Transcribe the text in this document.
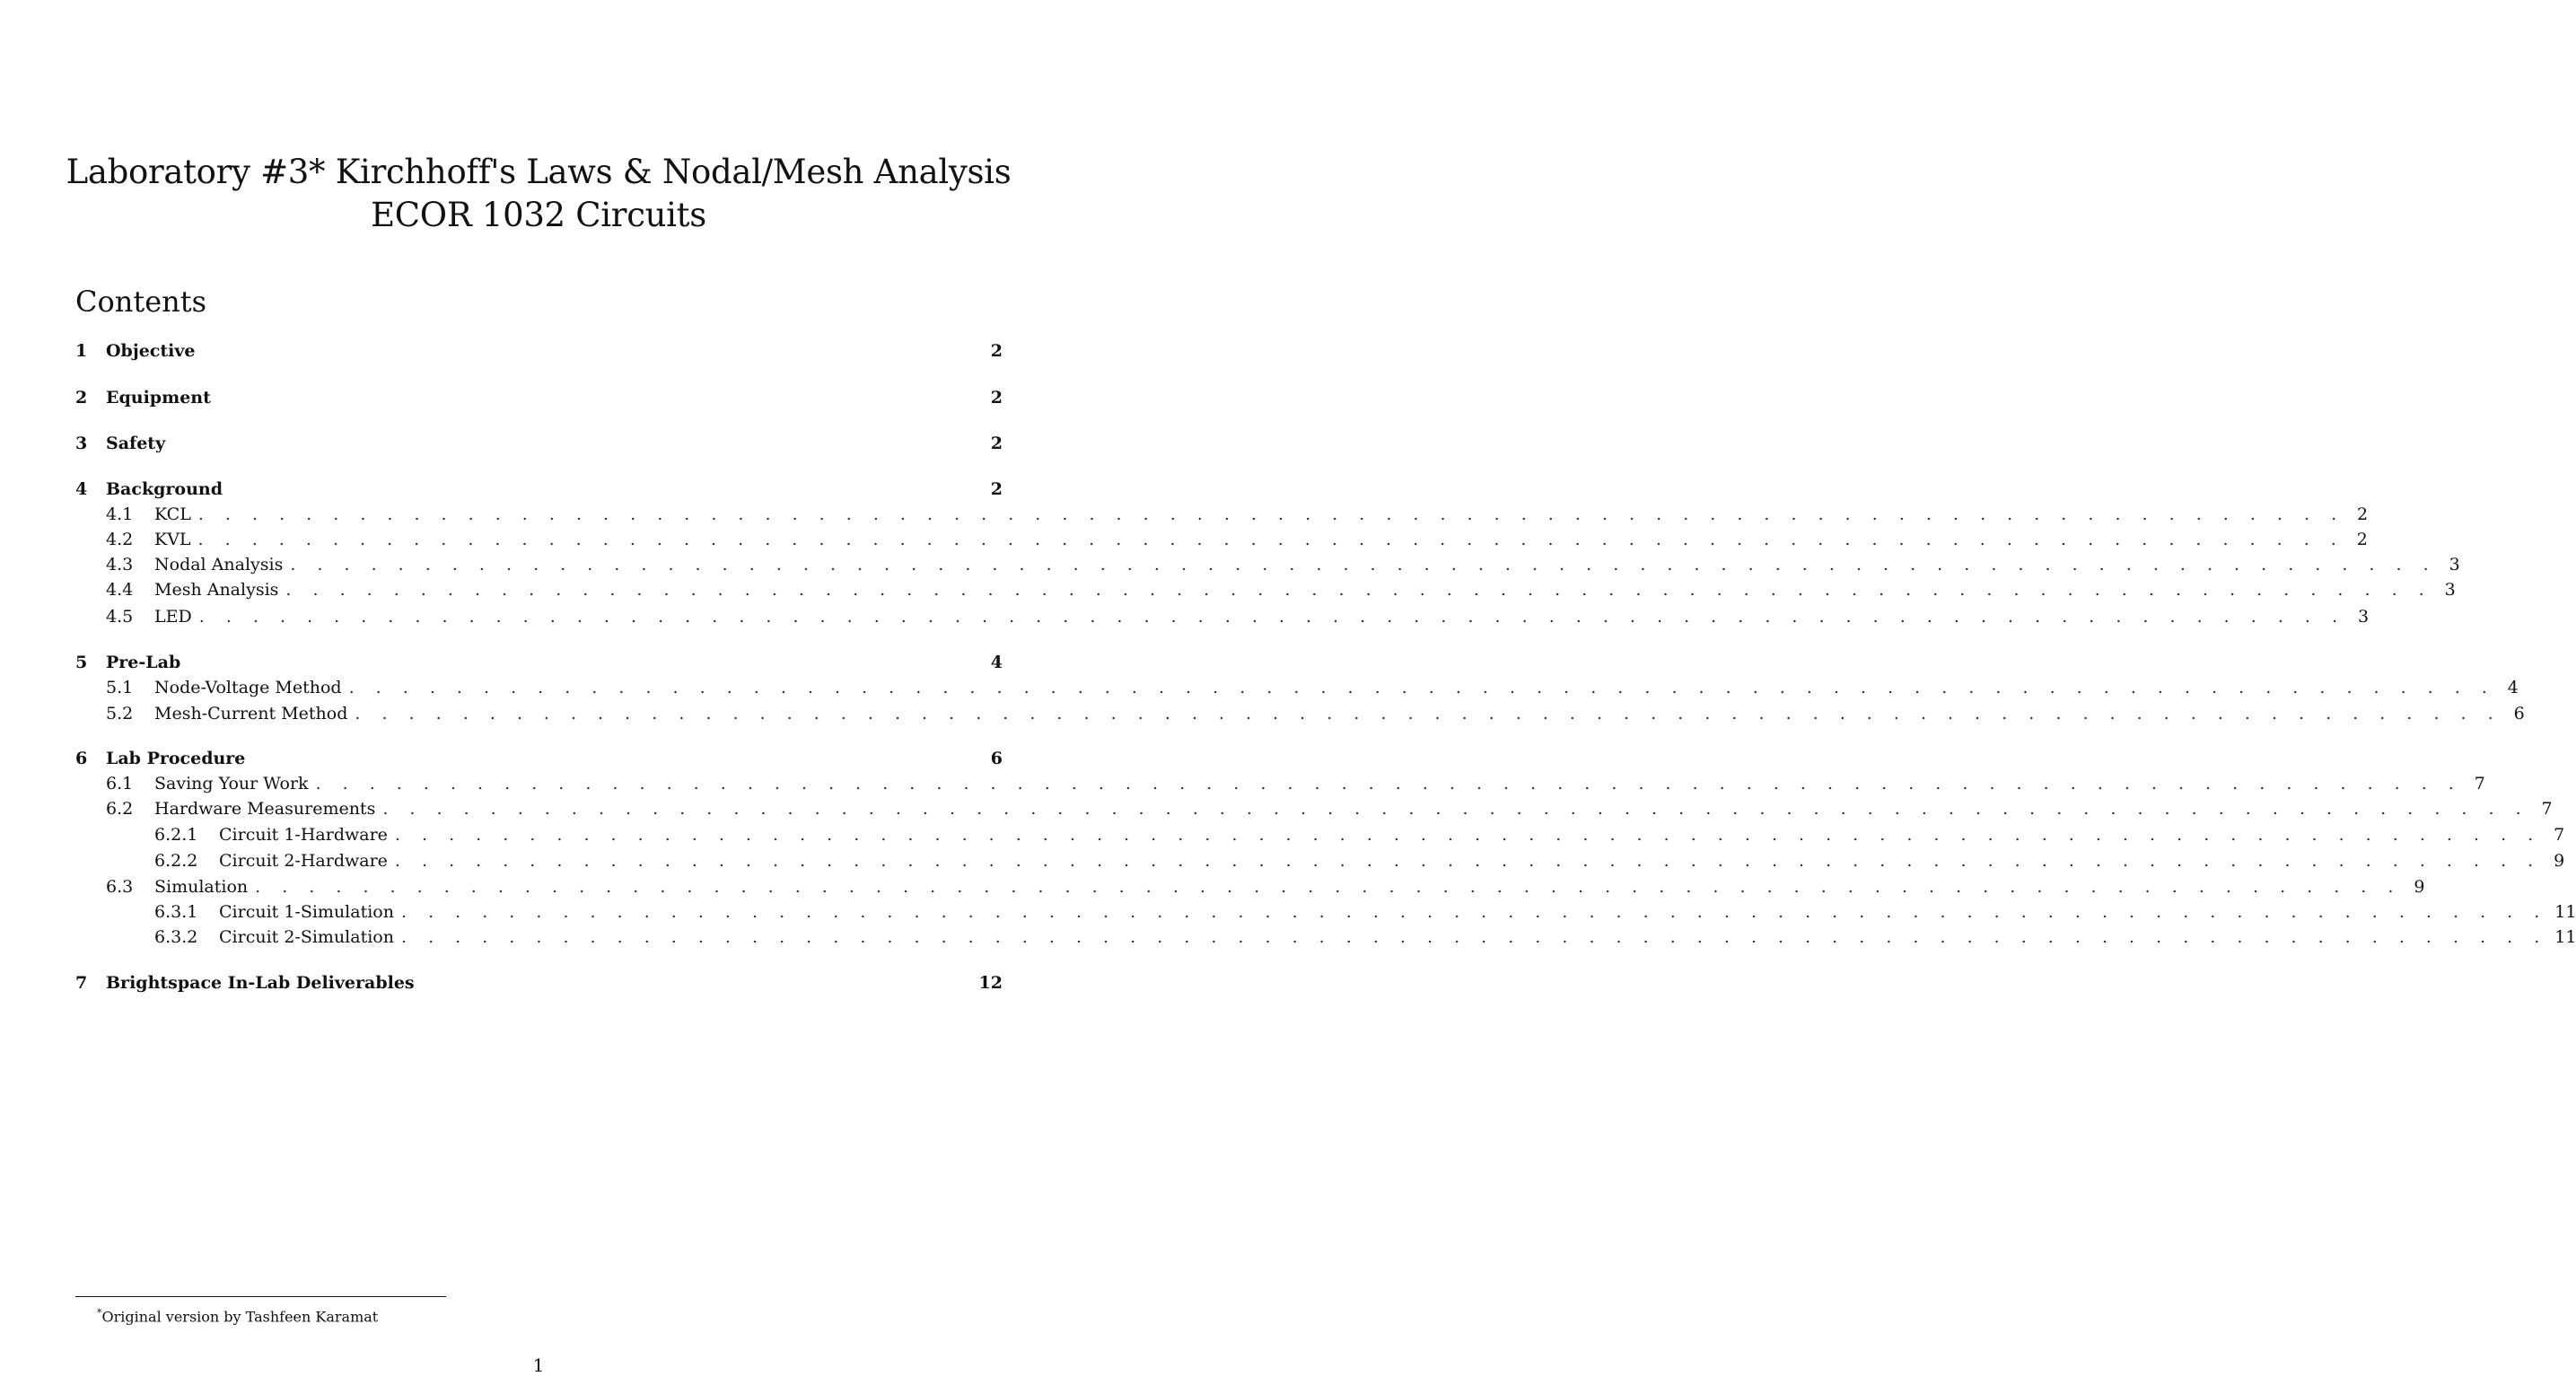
Laboratory #3* Kirchhoff's Laws & Nodal/Mesh Analysis
ECOR 1032 Circuits
Contents
1	Objective	2
2	Equipment	2
3	Safety	2
4	Background	2
4.1	KCL . . . . . . . . . . . . . . . . . . . . . . . . . . . . . . . . . . . . . . . . . . . . . . . . . . . . . . . . . . . . . . . . . . . . . . . . . . . . . . . . 2
4.2	KVL . . . . . . . . . . . . . . . . . . . . . . . . . . . . . . . . . . . . . . . . . . . . . . . . . . . . . . . . . . . . . . . . . . . . . . . . . . . . . . . . 2
4.3	Nodal Analysis . . . . . . . . . . . . . . . . . . . . . . . . . . . . . . . . . . . . . . . . . . . . . . . . . . . . . . . . . . . . . . . . . . . . . . . . . . . . . . . . 3
4.4	Mesh Analysis . . . . . . . . . . . . . . . . . . . . . . . . . . . . . . . . . . . . . . . . . . . . . . . . . . . . . . . . . . . . . . . . . . . . . . . . . . . . . . . . 3
4.5	LED . . . . . . . . . . . . . . . . . . . . . . . . . . . . . . . . . . . . . . . . . . . . . . . . . . . . . . . . . . . . . . . . . . . . . . . . . . . . . . . . 3
5	Pre-Lab	4
5.1	Node-Voltage Method . . . . . . . . . . . . . . . . . . . . . . . . . . . . . . . . . . . . . . . . . . . . . . . . . . . . . . . . . . . . . . . . . . . . . . . . . . . . . . . . 4
5.2	Mesh-Current Method . . . . . . . . . . . . . . . . . . . . . . . . . . . . . . . . . . . . . . . . . . . . . . . . . . . . . . . . . . . . . . . . . . . . . . . . . . . . . . . . 6
6	Lab Procedure	6
6.1	Saving Your Work . . . . . . . . . . . . . . . . . . . . . . . . . . . . . . . . . . . . . . . . . . . . . . . . . . . . . . . . . . . . . . . . . . . . . . . . . . . . . . . . 7
6.2	Hardware Measurements . . . . . . . . . . . . . . . . . . . . . . . . . . . . . . . . . . . . . . . . . . . . . . . . . . . . . . . . . . . . . . . . . . . . . . . . . . . . . . . . 7
6.2.1	Circuit 1-Hardware . . . . . . . . . . . . . . . . . . . . . . . . . . . . . . . . . . . . . . . . . . . . . . . . . . . . . . . . . . . . . . . . . . . . . . . . . . . . . . . . 7
6.2.2	Circuit 2-Hardware . . . . . . . . . . . . . . . . . . . . . . . . . . . . . . . . . . . . . . . . . . . . . . . . . . . . . . . . . . . . . . . . . . . . . . . . . . . . . . . . 9
6.3	Simulation . . . . . . . . . . . . . . . . . . . . . . . . . . . . . . . . . . . . . . . . . . . . . . . . . . . . . . . . . . . . . . . . . . . . . . . . . . . . . . . . 9
6.3.1	Circuit 1-Simulation . . . . . . . . . . . . . . . . . . . . . . . . . . . . . . . . . . . . . . . . . . . . . . . . . . . . . . . . . . . . . . . . . . . . . . . . . . . . . . . . 11
6.3.2	Circuit 2-Simulation . . . . . . . . . . . . . . . . . . . . . . . . . . . . . . . . . . . . . . . . . . . . . . . . . . . . . . . . . . . . . . . . . . . . . . . . . . . . . . . . 11
7	Brightspace In-Lab Deliverables	12
*Original version by Tashfeen Karamat
1
